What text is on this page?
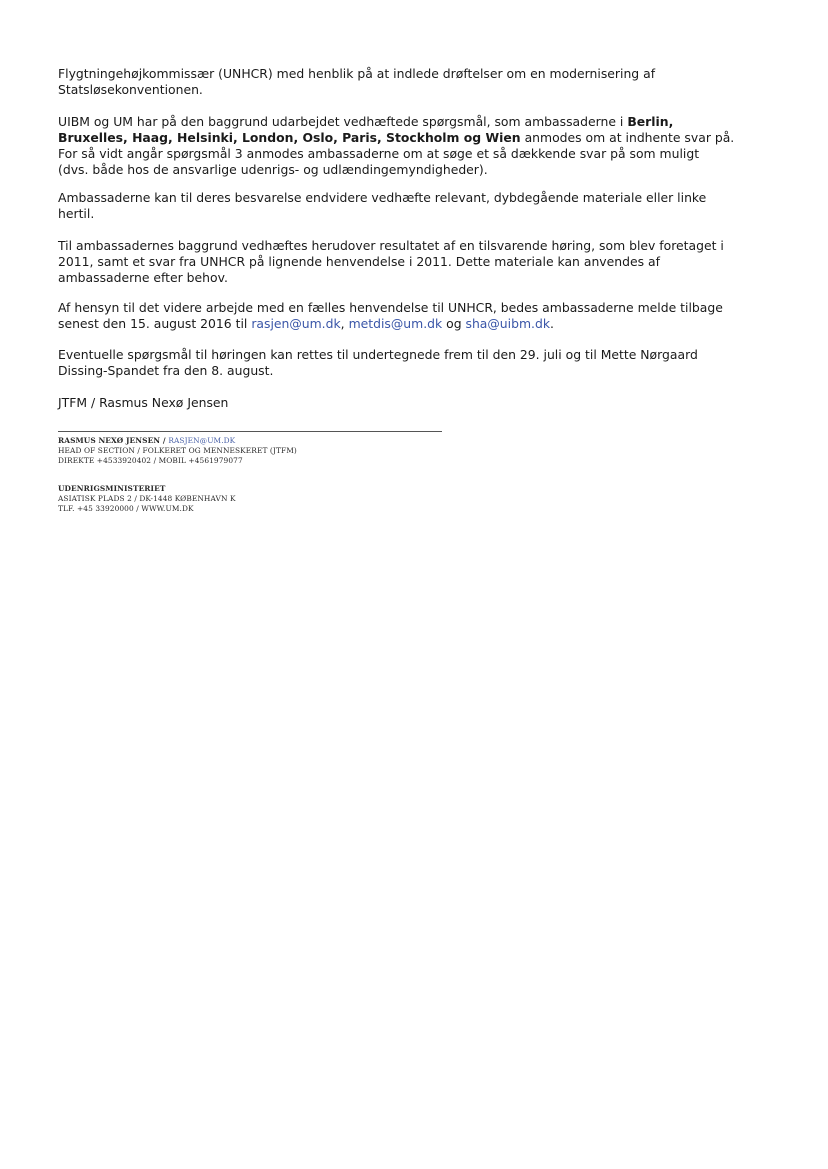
Flygtningehøjkommissær (UNHCR) med henblik på at indlede drøftelser om en modernisering af
Statsløsekonventionen.

UIBM og UM har på den baggrund udarbejdet vedhæftede spørgsmål, som ambassaderne i Berlin,
Bruxelles, Haag, Helsinki, London, Oslo, Paris, Stockholm og Wien anmodes om at indhente svar på.
For så vidt angår spørgsmål 3 anmodes ambassaderne om at søge et så dækkende svar på som muligt
(dvs. både hos de ansvarlige udenrigs- og udlændingemyndigheder).

Ambassaderne kan til deres besvarelse endvidere vedhæfte relevant, dybdegående materiale eller linke
hertil.

Til ambassadernes baggrund vedhæftes herudover resultatet af en tilsvarende høring, som blev foretaget i
2011, samt et svar fra UNHCR på lignende henvendelse i 2011. Dette materiale kan anvendes af
ambassaderne efter behov.

Af hensyn til det videre arbejde med en fælles henvendelse til UNHCR, bedes ambassaderne melde tilbage
senest den 15. august 2016 til rasjen@um.dk, metdis@um.dk og sha@uibm.dk.

Eventuelle spørgsmål til høringen kan rettes til undertegnede frem til den 29. juli og til Mette Nørgaard
Dissing-Spandet fra den 8. august.

JTFM / Rasmus Nexø Jensen

RASMUS NEXØ JENSEN / RASJEN@UM.DK
HEAD OF SECTION / FOLKERET OG MENNESKERET (JTFM)
DIREKTE +4533920402 / MOBIL +4561979077
UDENRIGSMINISTERIET
ASIATISK PLADS 2 / DK-1448 KØBENHAVN K
TLF. +45 33920000 / WWW.UM.DK
